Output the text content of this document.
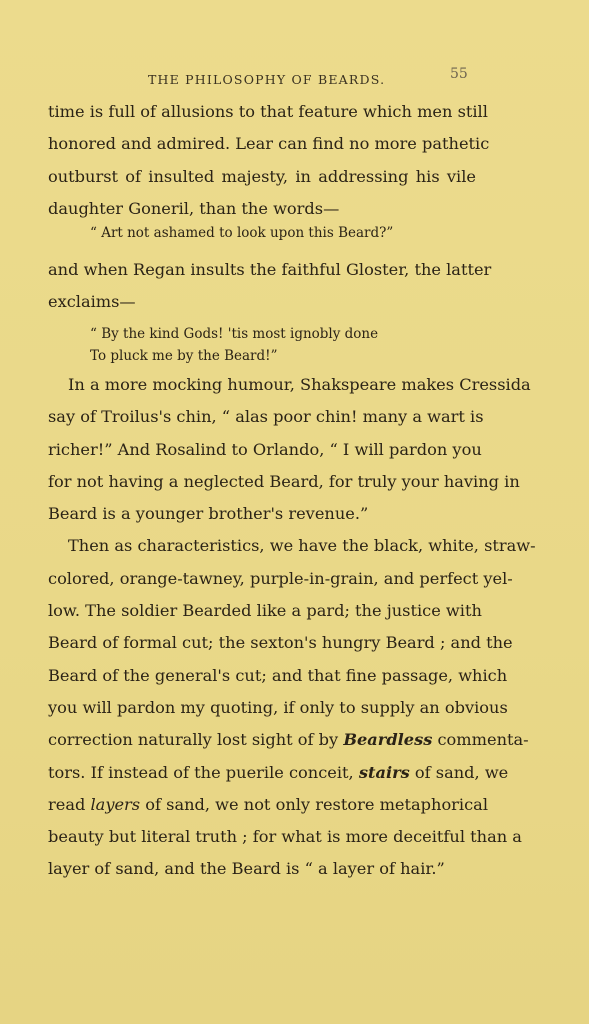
THE PHILOSOPHY OF BEARDS.	55
time is full of allusions to that feature which men still
honored and admired. Lear can find no more pathetic
outburst of insulted majesty, in addressing his vile
daughter Goneril, than the words—
“ Art not ashamed to look upon this Beard?”
and when Regan insults the faithful Gloster, the latter
exclaims—
“ By the kind Gods! 'tis most ignobly done
To pluck me by the Beard!”
In a more mocking humour, Shakspeare makes Cressida
say of Troilus's chin, “ alas poor chin! many a wart is
richer!” And Rosalind to Orlando, “ I will pardon you
for not having a neglected Beard, for truly your having in
Beard is a younger brother's revenue.”
Then as characteristics, we have the black, white, straw-
colored, orange-tawney, purple-in-grain, and perfect yel-
low. The soldier Bearded like a pard; the justice with
Beard of formal cut; the sexton's hungry Beard ; and the
Beard of the general's cut; and that fine passage, which
you will pardon my quoting, if only to supply an obvious
correction naturally lost sight of by Beardless commenta-
tors. If instead of the puerile conceit, stairs of sand, we
read layers of sand, we not only restore metaphorical
beauty but literal truth ; for what is more deceitful than a
layer of sand, and the Beard is “ a layer of hair.”
